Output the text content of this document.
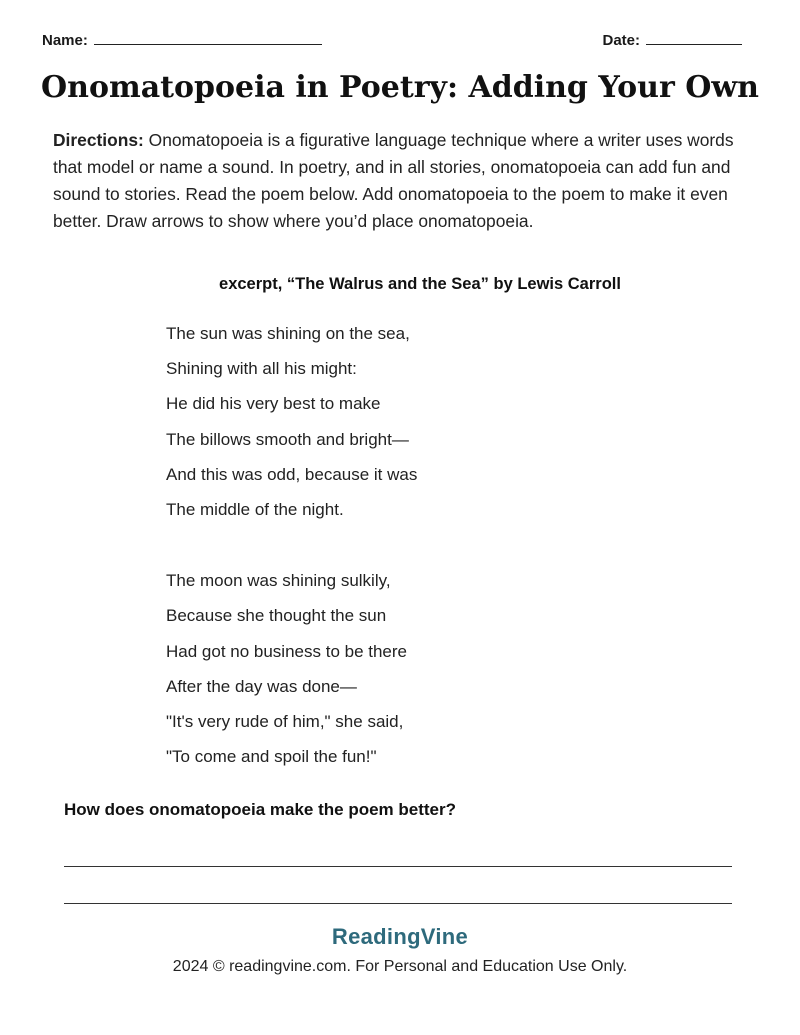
Name:	Date:
Onomatopoeia in Poetry: Adding Your Own
Directions: Onomatopoeia is a figurative language technique where a writer uses words that model or name a sound. In poetry, and in all stories, onomatopoeia can add fun and sound to stories. Read the poem below. Add onomatopoeia to the poem to make it even better. Draw arrows to show where you’d place onomatopoeia.
excerpt, “The Walrus and the Sea” by Lewis Carroll
The sun was shining on the sea,
Shining with all his might:
He did his very best to make
The billows smooth and bright—
And this was odd, because it was
The middle of the night.
The moon was shining sulkily,
Because she thought the sun
Had got no business to be there
After the day was done—
"It's very rude of him," she said,
"To come and spoil the fun!"
How does onomatopoeia make the poem better?
ReadingVine
2024 © readingvine.com. For Personal and Education Use Only.
